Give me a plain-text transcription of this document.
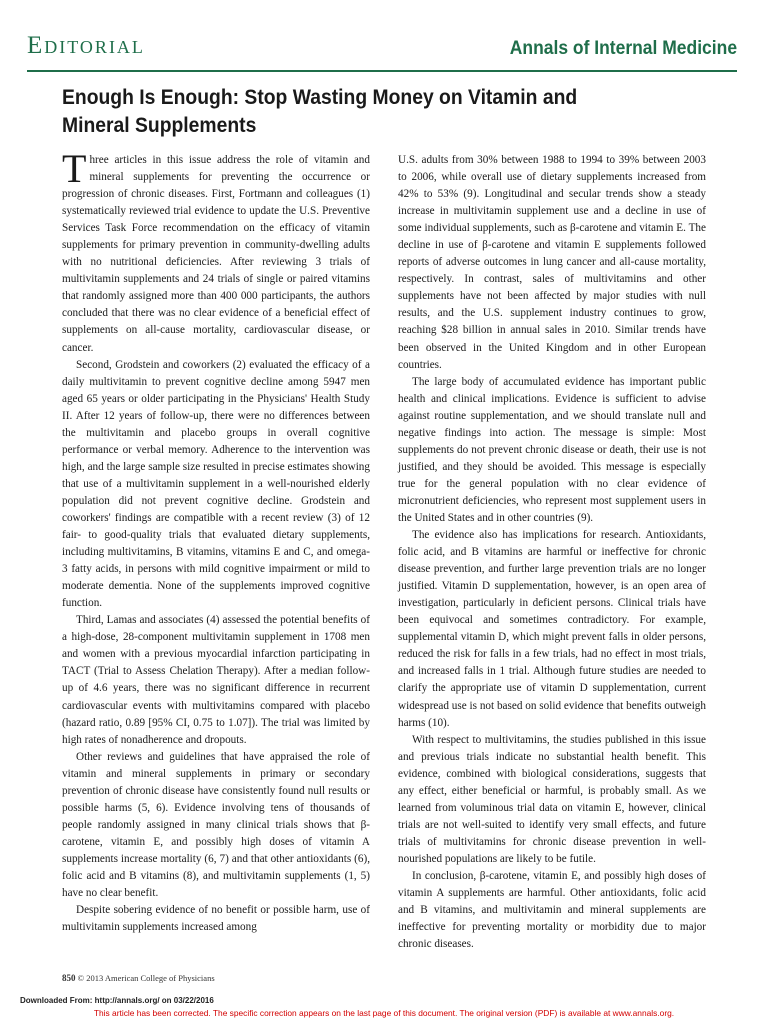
Editorial	Annals of Internal Medicine
Enough Is Enough: Stop Wasting Money on Vitamin and Mineral Supplements

Three articles in this issue address the role of vitamin and mineral supplements for preventing the occurrence or progression of chronic diseases. First, Fortmann and colleagues (1) systematically reviewed trial evidence to update the U.S. Preventive Services Task Force recommendation on the efficacy of vitamin supplements for primary prevention in community-dwelling adults with no nutritional deficiencies. After reviewing 3 trials of multivitamin supplements and 24 trials of single or paired vitamins that randomly assigned more than 400 000 participants, the authors concluded that there was no clear evidence of a beneficial effect of supplements on all-cause mortality, cardiovascular disease, or cancer.

Second, Grodstein and coworkers (2) evaluated the efficacy of a daily multivitamin to prevent cognitive decline among 5947 men aged 65 years or older participating in the Physicians' Health Study II. After 12 years of follow-up, there were no differences between the multivitamin and placebo groups in overall cognitive performance or verbal memory. Adherence to the intervention was high, and the large sample size resulted in precise estimates showing that use of a multivitamin supplement in a well-nourished elderly population did not prevent cognitive decline. Grodstein and coworkers' findings are compatible with a recent review (3) of 12 fair- to good-quality trials that evaluated dietary supplements, including multivitamins, B vitamins, vitamins E and C, and omega-3 fatty acids, in persons with mild cognitive impairment or mild to moderate dementia. None of the supplements improved cognitive function.

Third, Lamas and associates (4) assessed the potential benefits of a high-dose, 28-component multivitamin supplement in 1708 men and women with a previous myocardial infarction participating in TACT (Trial to Assess Chelation Therapy). After a median follow-up of 4.6 years, there was no significant difference in recurrent cardiovascular events with multivitamins compared with placebo (hazard ratio, 0.89 [95% CI, 0.75 to 1.07]). The trial was limited by high rates of nonadherence and dropouts.

Other reviews and guidelines that have appraised the role of vitamin and mineral supplements in primary or secondary prevention of chronic disease have consistently found null results or possible harms (5, 6). Evidence involving tens of thousands of people randomly assigned in many clinical trials shows that β-carotene, vitamin E, and possibly high doses of vitamin A supplements increase mortality (6, 7) and that other antioxidants (6), folic acid and B vitamins (8), and multivitamin supplements (1, 5) have no clear benefit.

Despite sobering evidence of no benefit or possible harm, use of multivitamin supplements increased among

U.S. adults from 30% between 1988 to 1994 to 39% between 2003 to 2006, while overall use of dietary supplements increased from 42% to 53% (9). Longitudinal and secular trends show a steady increase in multivitamin supplement use and a decline in use of some individual supplements, such as β-carotene and vitamin E. The decline in use of β-carotene and vitamin E supplements followed reports of adverse outcomes in lung cancer and all-cause mortality, respectively. In contrast, sales of multivitamins and other supplements have not been affected by major studies with null results, and the U.S. supplement industry continues to grow, reaching $28 billion in annual sales in 2010. Similar trends have been observed in the United Kingdom and in other European countries.

The large body of accumulated evidence has important public health and clinical implications. Evidence is sufficient to advise against routine supplementation, and we should translate null and negative findings into action. The message is simple: Most supplements do not prevent chronic disease or death, their use is not justified, and they should be avoided. This message is especially true for the general population with no clear evidence of micronutrient deficiencies, who represent most supplement users in the United States and in other countries (9).

The evidence also has implications for research. Antioxidants, folic acid, and B vitamins are harmful or ineffective for chronic disease prevention, and further large prevention trials are no longer justified. Vitamin D supplementation, however, is an open area of investigation, particularly in deficient persons. Clinical trials have been equivocal and sometimes contradictory. For example, supplemental vitamin D, which might prevent falls in older persons, reduced the risk for falls in a few trials, had no effect in most trials, and increased falls in 1 trial. Although future studies are needed to clarify the appropriate use of vitamin D supplementation, current widespread use is not based on solid evidence that benefits outweigh harms (10).

With respect to multivitamins, the studies published in this issue and previous trials indicate no substantial health benefit. This evidence, combined with biological considerations, suggests that any effect, either beneficial or harmful, is probably small. As we learned from voluminous trial data on vitamin E, however, clinical trials are not well-suited to identify very small effects, and future trials of multivitamins for chronic disease prevention in well-nourished populations are likely to be futile.

In conclusion, β-carotene, vitamin E, and possibly high doses of vitamin A supplements are harmful. Other antioxidants, folic acid and B vitamins, and multivitamin and mineral supplements are ineffective for preventing mortality or morbidity due to major chronic diseases.

850 © 2013 American College of Physicians
Downloaded From: http://annals.org/ on 03/22/2016
This article has been corrected. The specific correction appears on the last page of this document. The original version (PDF) is available at www.annals.org.
